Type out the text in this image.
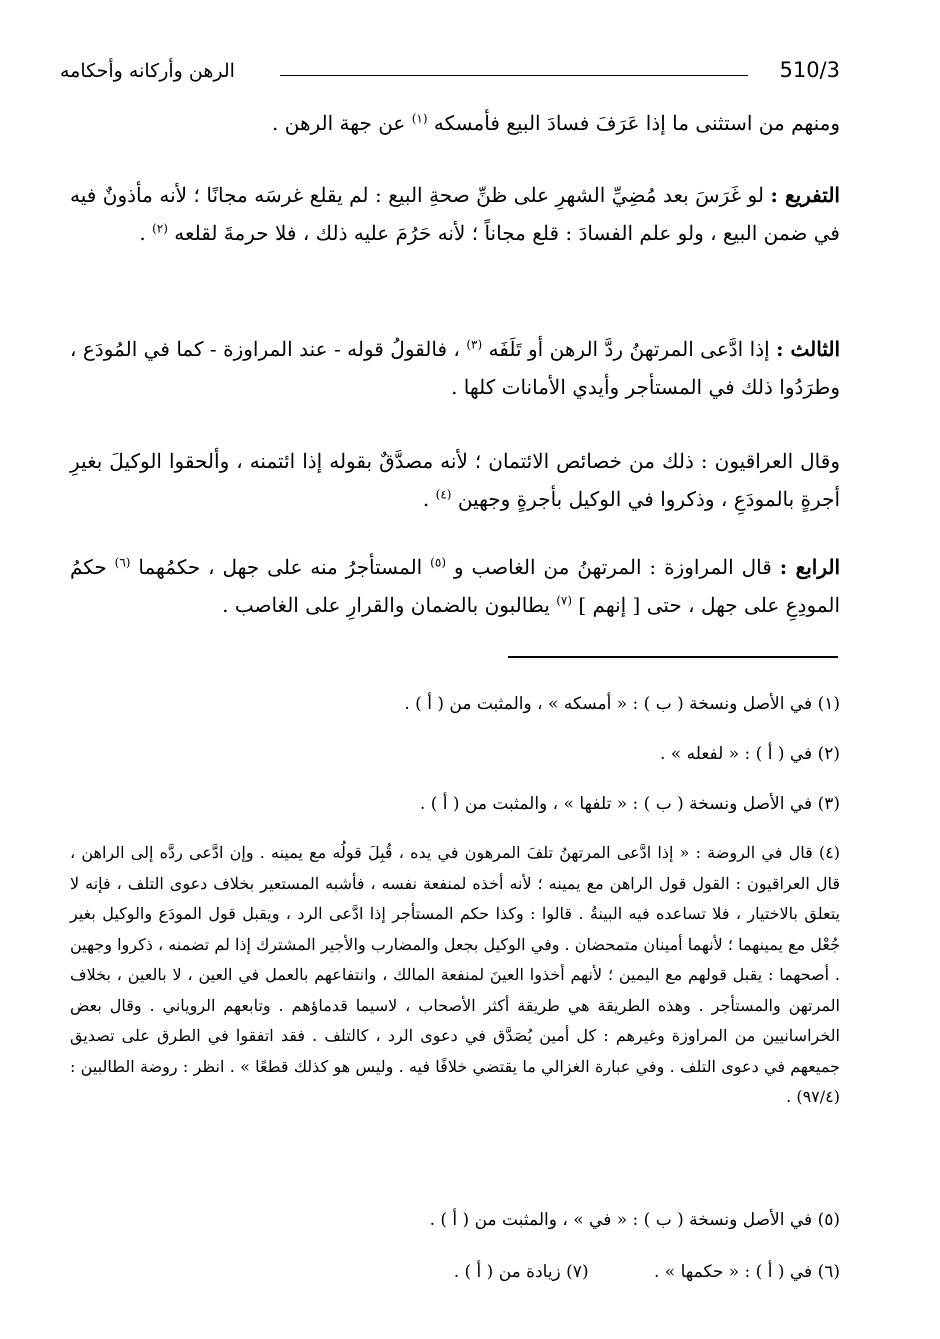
510/3
الرهن وأركانه وأحكامه

ومنهم من استثنى ما إذا عَرَفَ فسادَ البيع فأمسكه $^{(١)}$ عن جهة الرهن .

التفريع : لو غَرَسَ بعد مُضِيِّ الشهرِ على ظنِّ صحةِ البيع : لم يقلع غرسَه مجانًا ؛ لأنه مأذونٌ فيه في ضمن البيع ، ولو علم الفسادَ : قلع مجاناً ؛ لأنه حَرُمَ عليه ذلك ، فلا حرمةَ لقلعه $^{(٢)}$ .

الثالث : إذا ادَّعى المرتهنُ ردَّ الرهن أو تَلَفَه $^{(٣)}$ ، فالقولُ قوله - عند المراوزة - كما في المُودَع ، وطرَدُوا ذلك في المستأجر وأيدي الأمانات كلها .

وقال العراقيون : ذلك من خصائص الائتمان ؛ لأنه مصدَّقٌ بقوله إذا ائتمنه ، وألحقوا الوكيلَ بغيرِ أجرةٍ بالمودَعِ ، وذكروا في الوكيل بأجرةٍ وجهين $^{(٤)}$ .

الرابع : قال المراوزة : المرتهنُ من الغاصب و $^{(٥)}$ المستأجرُ منه على جهل ، حكمُهما $^{(٦)}$ حكمُ المودِعِ على جهل ، حتى [ إنهم ] $^{(٧)}$ يطالبون بالضمان والقرارِ على الغاصب .

(١) في الأصل ونسخة ( ب ) : « أمسكه » ، والمثبت من ( أ ) .
(٢) في ( أ ) : « لفعله » .
(٣) في الأصل ونسخة ( ب ) : « تلفها » ، والمثبت من ( أ ) .
(٤) قال في الروضة : « إذا ادَّعى المرتهنُ تلفَ المرهون في يده ، قُبِلَ قولُه مع يمينه . وإن ادَّعى ردَّه إلى الراهن ، قال العراقيون : القول قول الراهن مع يمينه ؛ لأنه أخذه لمنفعة نفسه ، فأشبه المستعير بخلاف دعوى التلف ، فإنه لا يتعلق بالاختيار ، فلا تساعده فيه البينةُ . قالوا : وكذا حكم المستأجر إذا ادَّعى الرد ، ويقبل قول المودَع والوكيل بغير جُعْل مع يمينهما ؛ لأنهما أمينان متمحضان . وفي الوكيل بجعل والمضارب والأجير المشترك إذا لم تضمنه ، ذكروا وجهين . أصحهما : يقبل قولهم مع اليمين ؛ لأنهم أخذوا العينَ لمنفعة المالك ، وانتفاعهم بالعمل في العين ، لا بالعين ، بخلاف المرتهن والمستأجر . وهذه الطريقة هي طريقة أكثر الأصحاب ، لاسيما قدماؤهم . وتابعهم الروياني . وقال بعض الخراسانيين من المراوزة وغيرهم : كل أمين يُصَدَّق في دعوى الرد ، كالتلف . فقد اتفقوا في الطرق على تصديق جميعهم في دعوى التلف . وفي عبارة الغزالي ما يقتضي خلافًا فيه . وليس هو كذلك قطعًا » . انظر : روضة الطالبين : (٩٧/٤) .
(٥) في الأصل ونسخة ( ب ) : « في » ، والمثبت من ( أ ) .
(٦) في ( أ ) : « حكمها » . (٧) زيادة من ( أ ) .
